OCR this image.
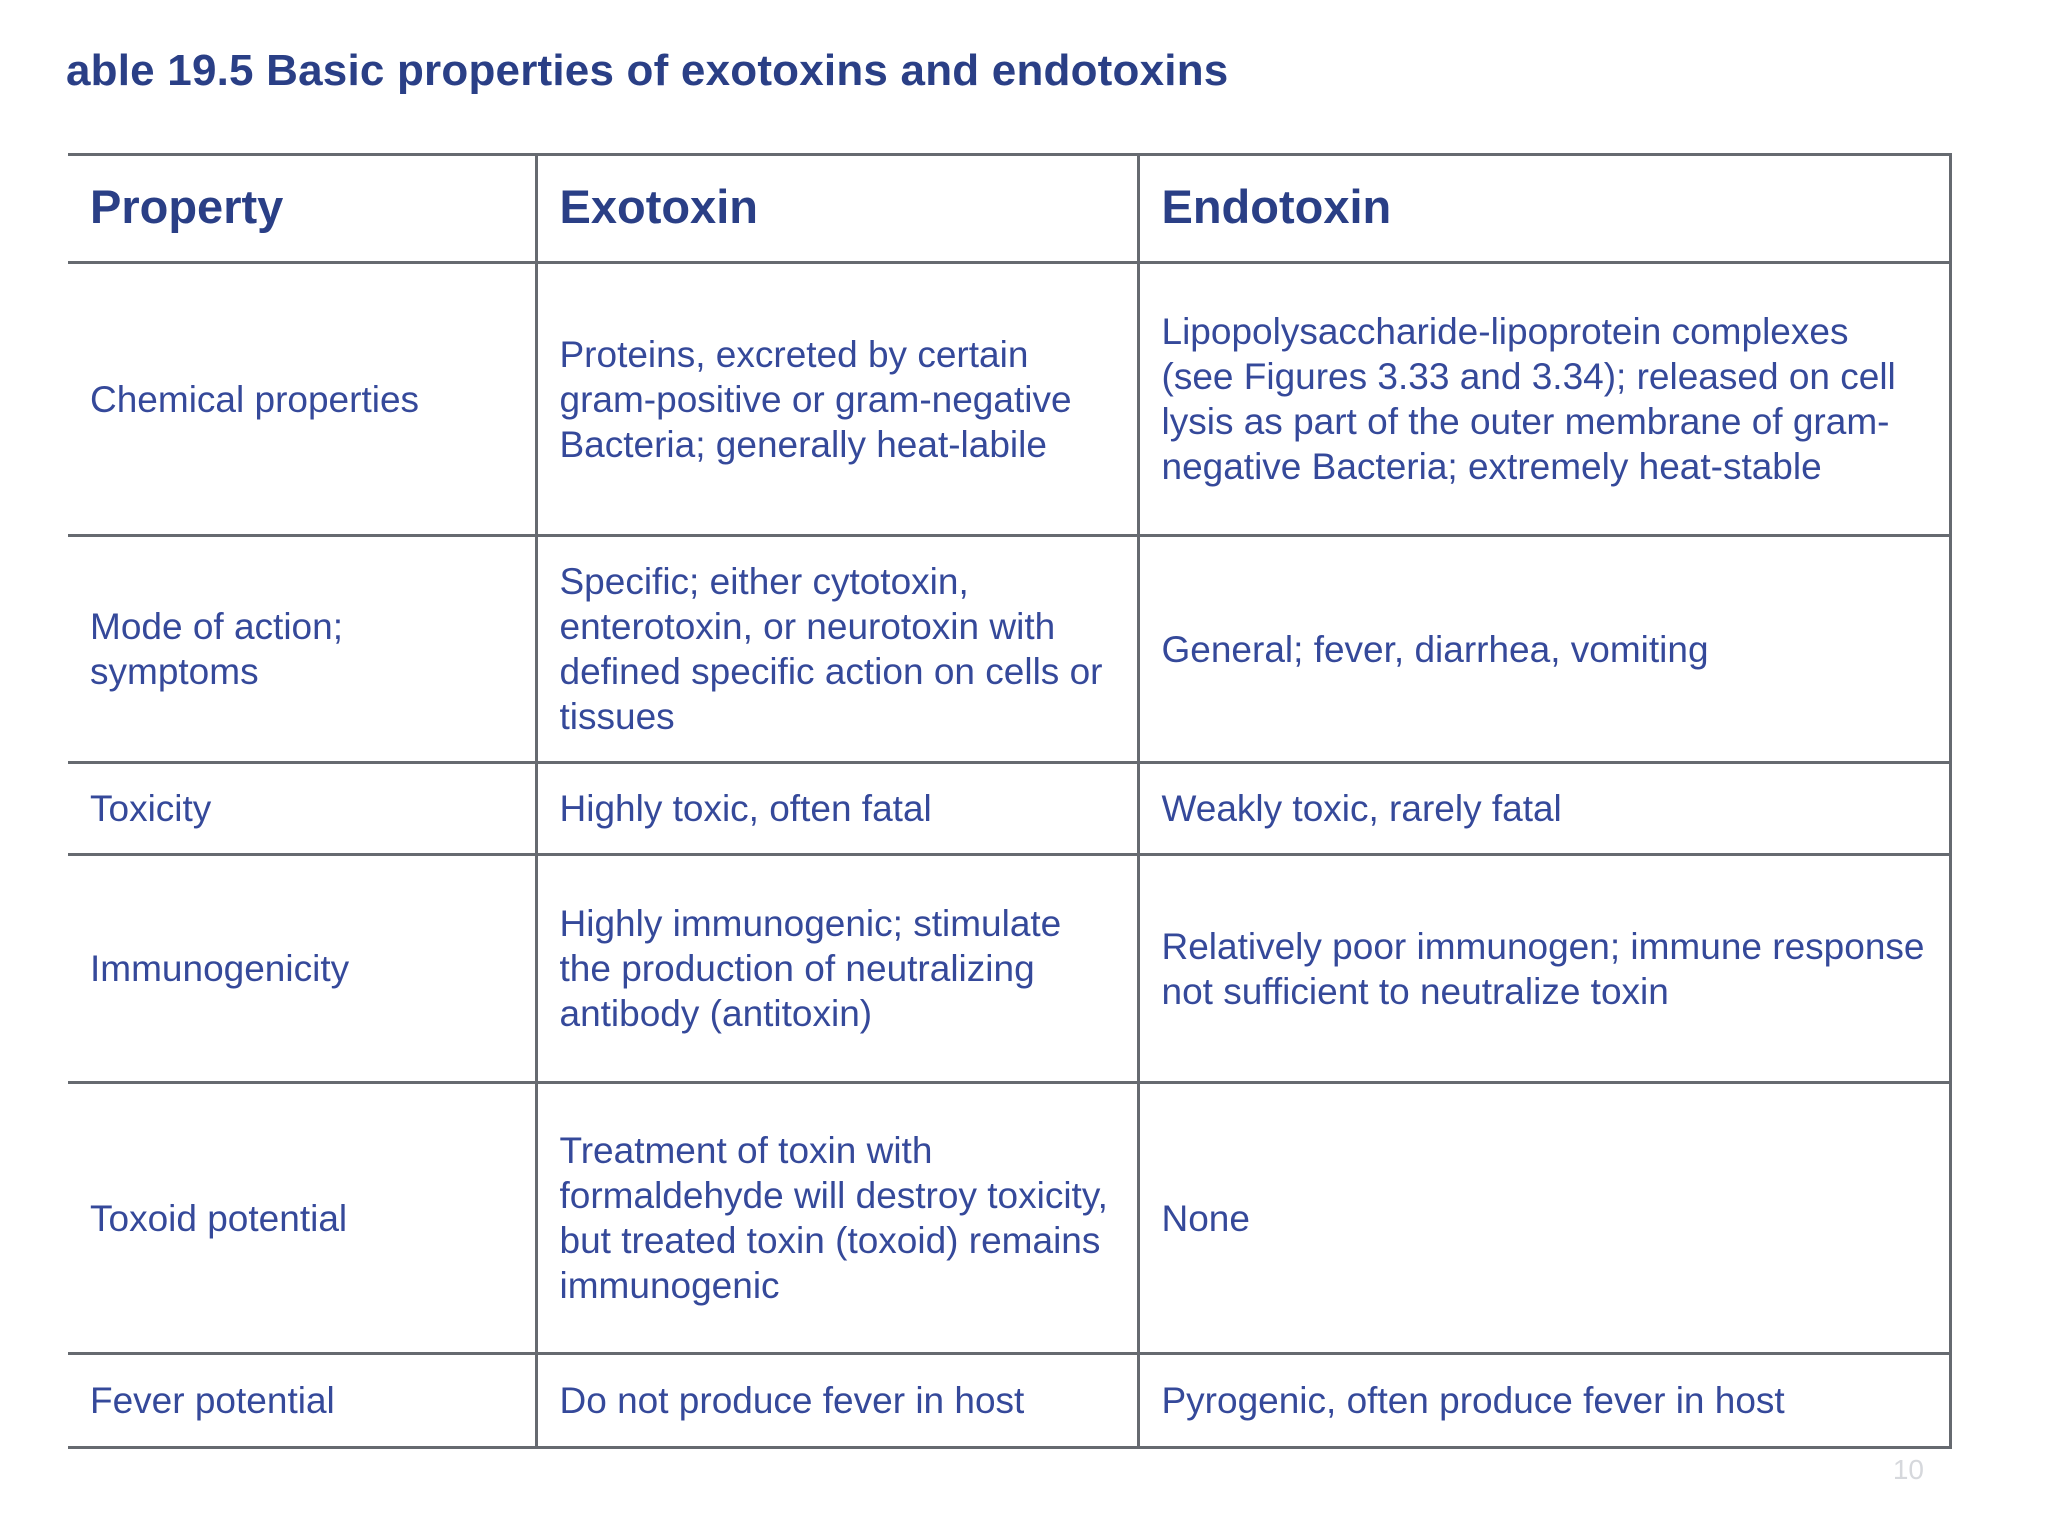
able 19.5 Basic properties of exotoxins and endotoxins
Property	Exotoxin	Endotoxin
Chemical properties	Proteins, excreted by certain gram-positive or gram-negative Bacteria; generally heat-labile	Lipopolysaccharide-lipoprotein complexes (see Figures 3.33 and 3.34); released on cell lysis as part of the outer membrane of gram-negative Bacteria; extremely heat-stable
Mode of action; symptoms	Specific; either cytotoxin, enterotoxin, or neurotoxin with defined specific action on cells or tissues	General; fever, diarrhea, vomiting
Toxicity	Highly toxic, often fatal	Weakly toxic, rarely fatal
Immunogenicity	Highly immunogenic; stimulate the production of neutralizing antibody (antitoxin)	Relatively poor immunogen; immune response not sufficient to neutralize toxin
Toxoid potential	Treatment of toxin with formaldehyde will destroy toxicity, but treated toxin (toxoid) remains immunogenic	None
Fever potential	Do not produce fever in host	Pyrogenic, often produce fever in host
10
